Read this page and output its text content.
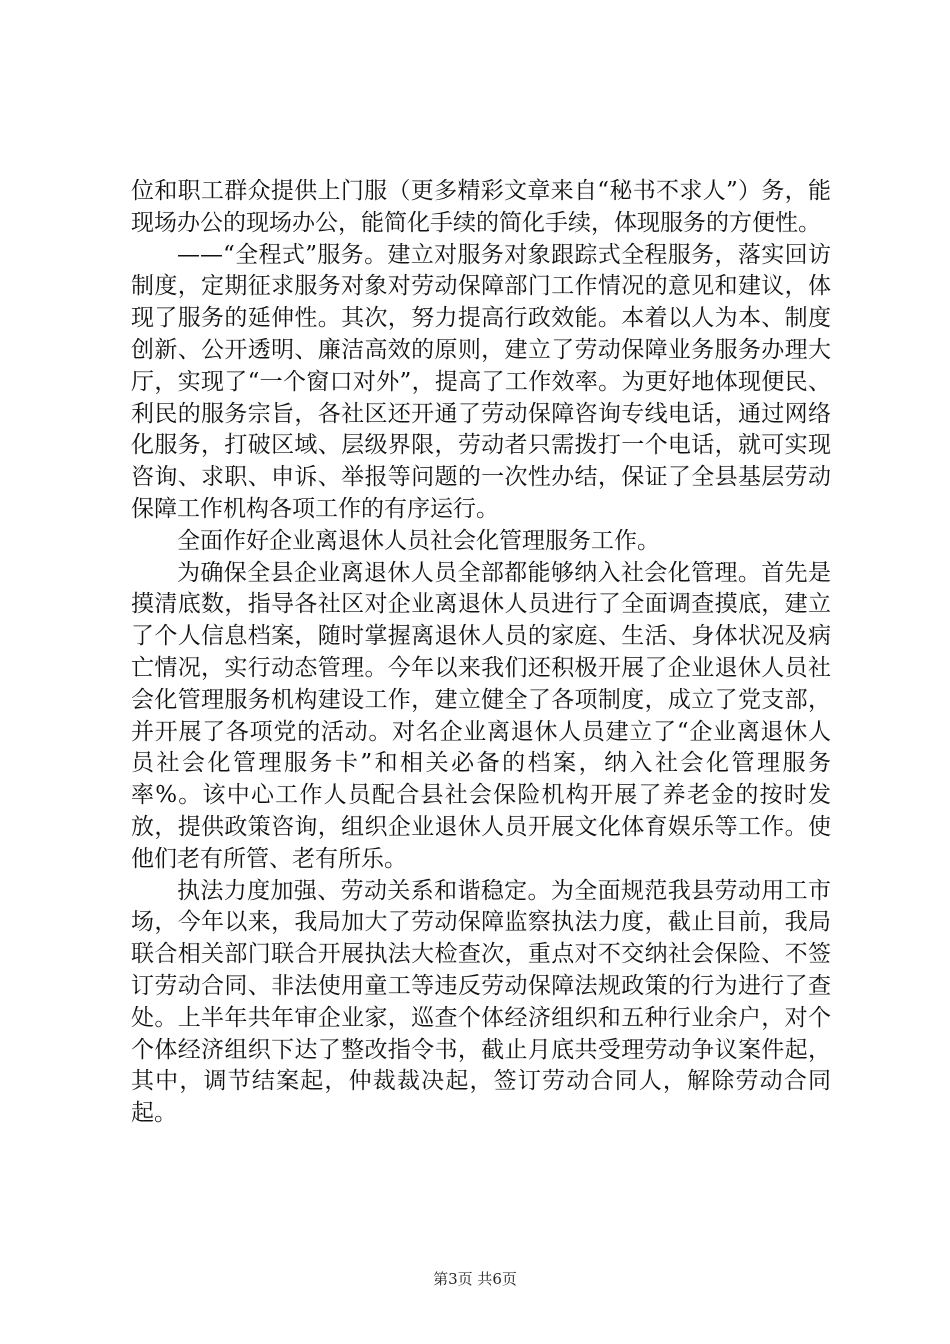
位和职工群众提供上门服（更多精彩文章来自“秘书不求人”）务，能现场办公的现场办公，能简化手续的简化手续，体现服务的方便性。

——“全程式”服务。建立对服务对象跟踪式全程服务，落实回访制度，定期征求服务对象对劳动保障部门工作情况的意见和建议，体现了服务的延伸性。其次，努力提高行政效能。本着以人为本、制度创新、公开透明、廉洁高效的原则，建立了劳动保障业务服务办理大厅，实现了“一个窗口对外”，提高了工作效率。为更好地体现便民、利民的服务宗旨，各社区还开通了劳动保障咨询专线电话，通过网络化服务，打破区域、层级界限，劳动者只需拨打一个电话，就可实现咨询、求职、申诉、举报等问题的一次性办结，保证了全县基层劳动保障工作机构各项工作的有序运行。

全面作好企业离退休人员社会化管理服务工作。

为确保全县企业离退休人员全部都能够纳入社会化管理。首先是摸清底数，指导各社区对企业离退休人员进行了全面调查摸底，建立了个人信息档案，随时掌握离退休人员的家庭、生活、身体状况及病亡情况，实行动态管理。今年以来我们还积极开展了企业退休人员社会化管理服务机构建设工作，建立健全了各项制度，成立了党支部，并开展了各项党的活动。对名企业离退休人员建立了“企业离退休人员社会化管理服务卡”和相关必备的档案，纳入社会化管理服务率%。该中心工作人员配合县社会保险机构开展了养老金的按时发放，提供政策咨询，组织企业退休人员开展文化体育娱乐等工作。使他们老有所管、老有所乐。

执法力度加强、劳动关系和谐稳定。为全面规范我县劳动用工市场，今年以来，我局加大了劳动保障监察执法力度，截止目前，我局联合相关部门联合开展执法大检查次，重点对不交纳社会保险、不签订劳动合同、非法使用童工等违反劳动保障法规政策的行为进行了查处。上半年共年审企业家，巡查个体经济组织和五种行业余户，对个个体经济组织下达了整改指令书，截止月底共受理劳动争议案件起，其中，调节结案起，仲裁裁决起，签订劳动合同人，解除劳动合同起。

第3页 共6页
